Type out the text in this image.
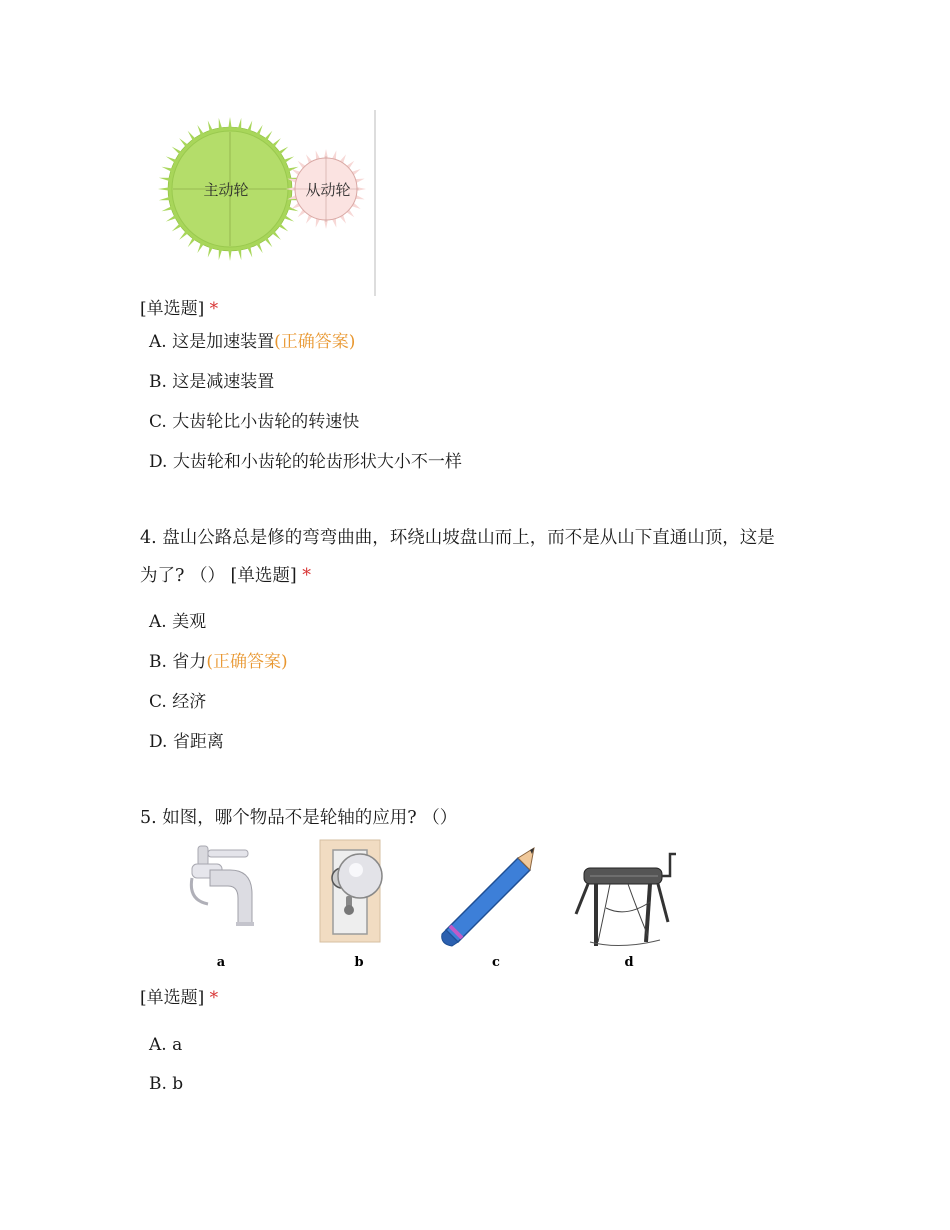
主动轮	从动轮
[单选题] *
A. 这是加速装置(正确答案)
B. 这是减速装置
C. 大齿轮比小齿轮的转速快
D. 大齿轮和小齿轮的轮齿形状大小不一样
4. 盘山公路总是修的弯弯曲曲，环绕山坡盘山而上，而不是从山下直通山顶，这是
为了? （） [单选题] *
A. 美观
B. 省力(正确答案)
C. 经济
D. 省距离
5. 如图，哪个物品不是轮轴的应用? （）
a	b	c	d
[单选题] *
A. a
B. b
